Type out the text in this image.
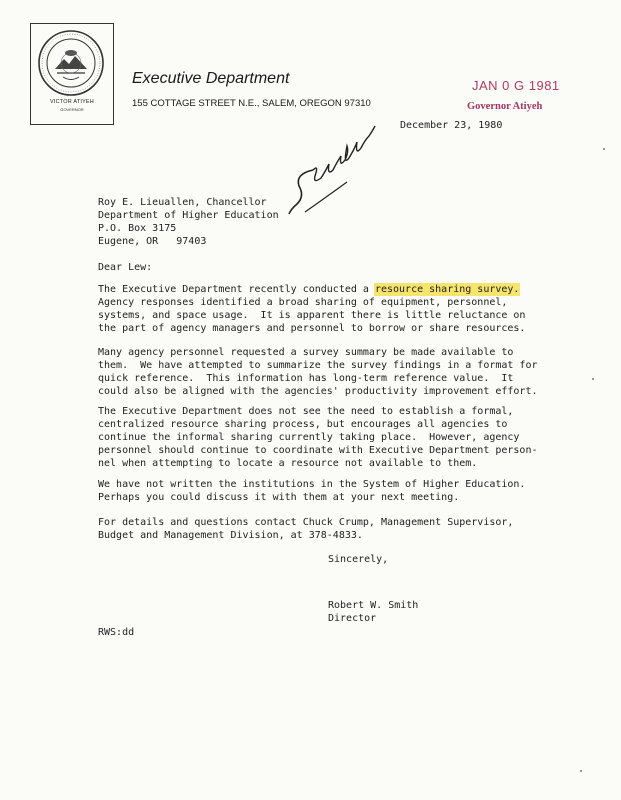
VICTOR ATIYEH
GOVERNOR
Executive Department
155 COTTAGE STREET N.E., SALEM, OREGON 97310
JAN 0 G 1981
Governor Atiyeh
December 23, 1980
Roy E. Lieuallen, Chancellor
Department of Higher Education
P.O. Box 3175
Eugene, OR   97403
Dear Lew:
The Executive Department recently conducted a resource sharing survey.
Agency responses identified a broad sharing of equipment, personnel,
systems, and space usage.  It is apparent there is little reluctance on
the part of agency managers and personnel to borrow or share resources.
Many agency personnel requested a survey summary be made available to
them.  We have attempted to summarize the survey findings in a format for
quick reference.  This information has long-term reference value.  It
could also be aligned with the agencies' productivity improvement effort.
The Executive Department does not see the need to establish a formal,
centralized resource sharing process, but encourages all agencies to
continue the informal sharing currently taking place.  However, agency
personnel should continue to coordinate with Executive Department person-
nel when attempting to locate a resource not available to them.
We have not written the institutions in the System of Higher Education.
Perhaps you could discuss it with them at your next meeting.
For details and questions contact Chuck Crump, Management Supervisor,
Budget and Management Division, at 378-4833.
Sincerely,
Robert W. Smith
Director
RWS:dd
